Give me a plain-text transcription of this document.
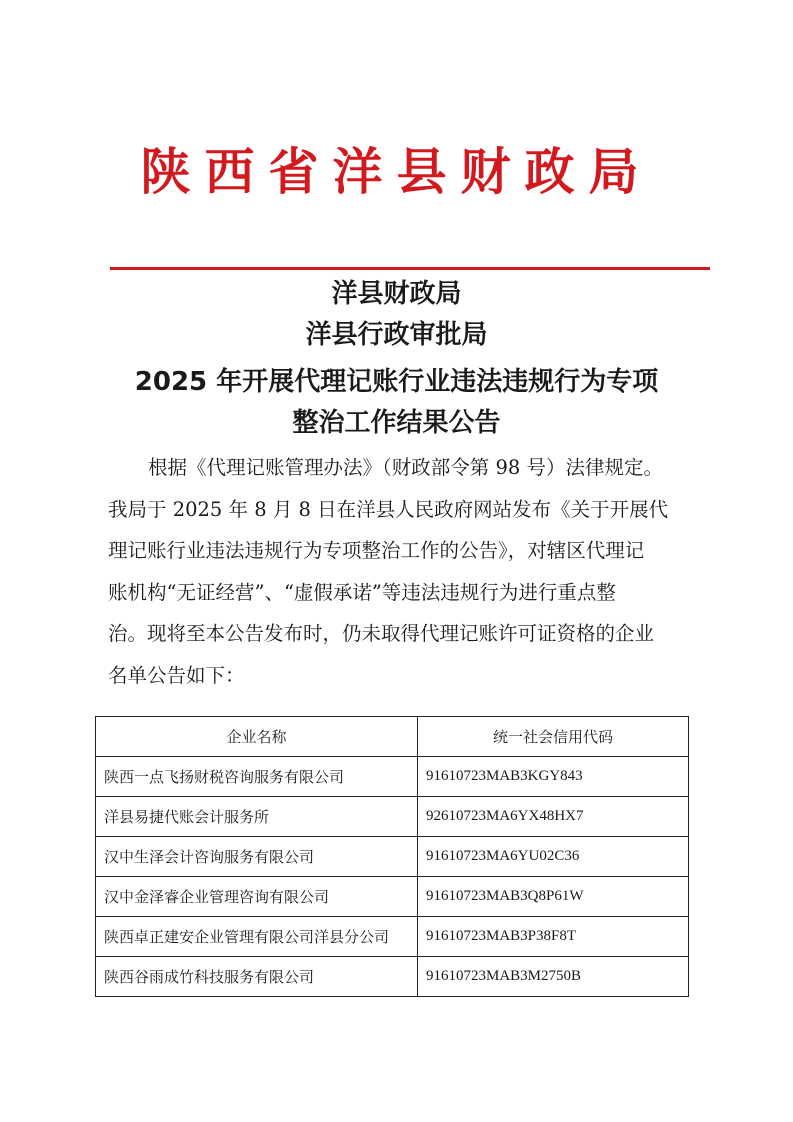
陕西省洋县财政局
洋县财政局
洋县行政审批局
2025 年开展代理记账行业违法违规行为专项
整治工作结果公告
根据《代理记账管理办法》（财政部令第 98 号）法律规定。
我局于 2025 年 8 月 8 日在洋县人民政府网站发布《关于开展代
理记账行业违法违规行为专项整治工作的公告》，对辖区代理记
账机构“无证经营”、“虚假承诺”等违法违规行为进行重点整
治。现将至本公告发布时，仍未取得代理记账许可证资格的企业
名单公告如下：
企业名称	统一社会信用代码
陕西一点飞扬财税咨询服务有限公司	91610723MAB3KGY843
洋县易捷代账会计服务所	92610723MA6YX48HX7
汉中生泽会计咨询服务有限公司	91610723MA6YU02C36
汉中金泽睿企业管理咨询有限公司	91610723MAB3Q8P61W
陕西卓正建安企业管理有限公司洋县分公司	91610723MAB3P38F8T
陕西谷雨成竹科技服务有限公司	91610723MAB3M2750B
